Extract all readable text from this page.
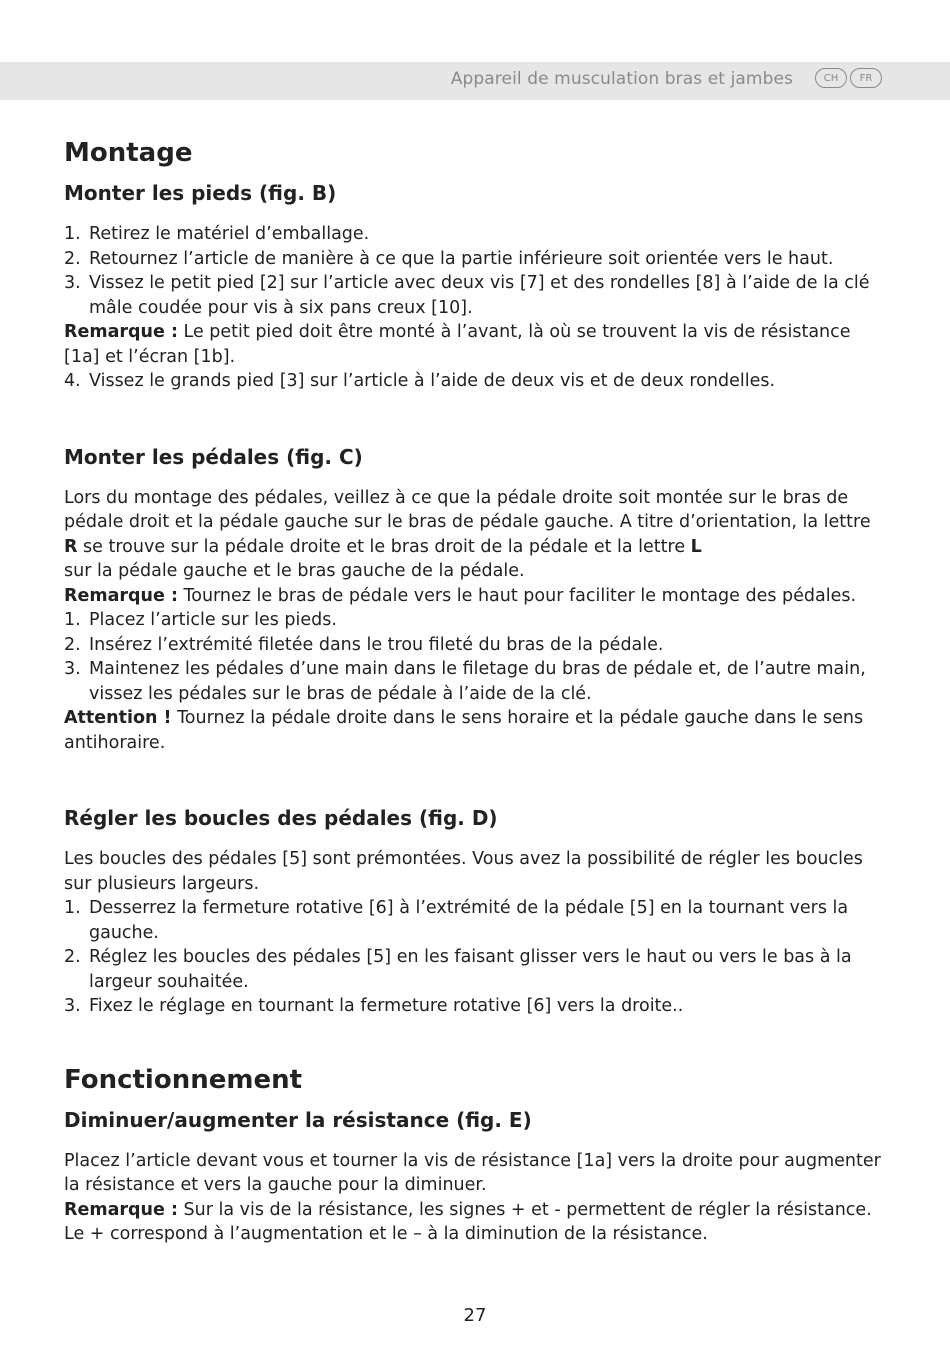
Appareil de musculation bras et jambes	CH	FR
Montage
Monter les pieds (fig. B)
1. Retirez le matériel d’emballage.
2. Retournez l’article de manière à ce que la partie inférieure soit orientée vers le haut.
3. Vissez le petit pied [2] sur l’article avec deux vis [7] et des rondelles [8] à l’aide de la clé mâle coudée pour vis à six pans creux [10].

Remarque : Le petit pied doit être monté à l’avant, là où se trouvent la vis de résistance [1a] et l’écran [1b].

4. Vissez le grands pied [3] sur l’article à l’aide de deux vis et de deux rondelles.
Monter les pédales (fig. C)

Lors du montage des pédales, veillez à ce que la pédale droite soit montée sur le bras de pédale droit et la pédale gauche sur le bras de pédale gauche. A titre d’orientation, la lettre R se trouve sur la pédale droite et le bras droit de la pédale et la lettre L
sur la pédale gauche et le bras gauche de la pédale.

Remarque : Tournez le bras de pédale vers le haut pour faciliter le montage des pédales.

1. Placez l’article sur les pieds.
2. Insérez l’extrémité filetée dans le trou fileté du bras de la pédale.
3. Maintenez les pédales d’une main dans le filetage du bras de pédale et, de l’autre main, vissez les pédales sur le bras de pédale à l’aide de la clé.

Attention ! Tournez la pédale droite dans le sens horaire et la pédale gauche dans le sens antihoraire.

Régler les boucles des pédales (fig. D)

Les boucles des pédales [5] sont prémontées. Vous avez la possibilité de régler les boucles sur plusieurs largeurs.

1. Desserrez la fermeture rotative [6] à l’extrémité de la pédale [5] en la tournant vers la gauche.
2. Réglez les boucles des pédales [5] en les faisant glisser vers le haut ou vers le bas à la largeur souhaitée.
3. Fixez le réglage en tournant la fermeture rotative [6] vers la droite..
Fonctionnement
Diminuer/augmenter la résistance (fig. E)

Placez l’article devant vous et tourner la vis de résistance [1a] vers la droite pour augmenter la résistance et vers la gauche pour la diminuer.

Remarque : Sur la vis de la résistance, les signes + et - permettent de régler la résistance. Le + correspond à l’augmentation et le – à la diminution de la résistance.

27
